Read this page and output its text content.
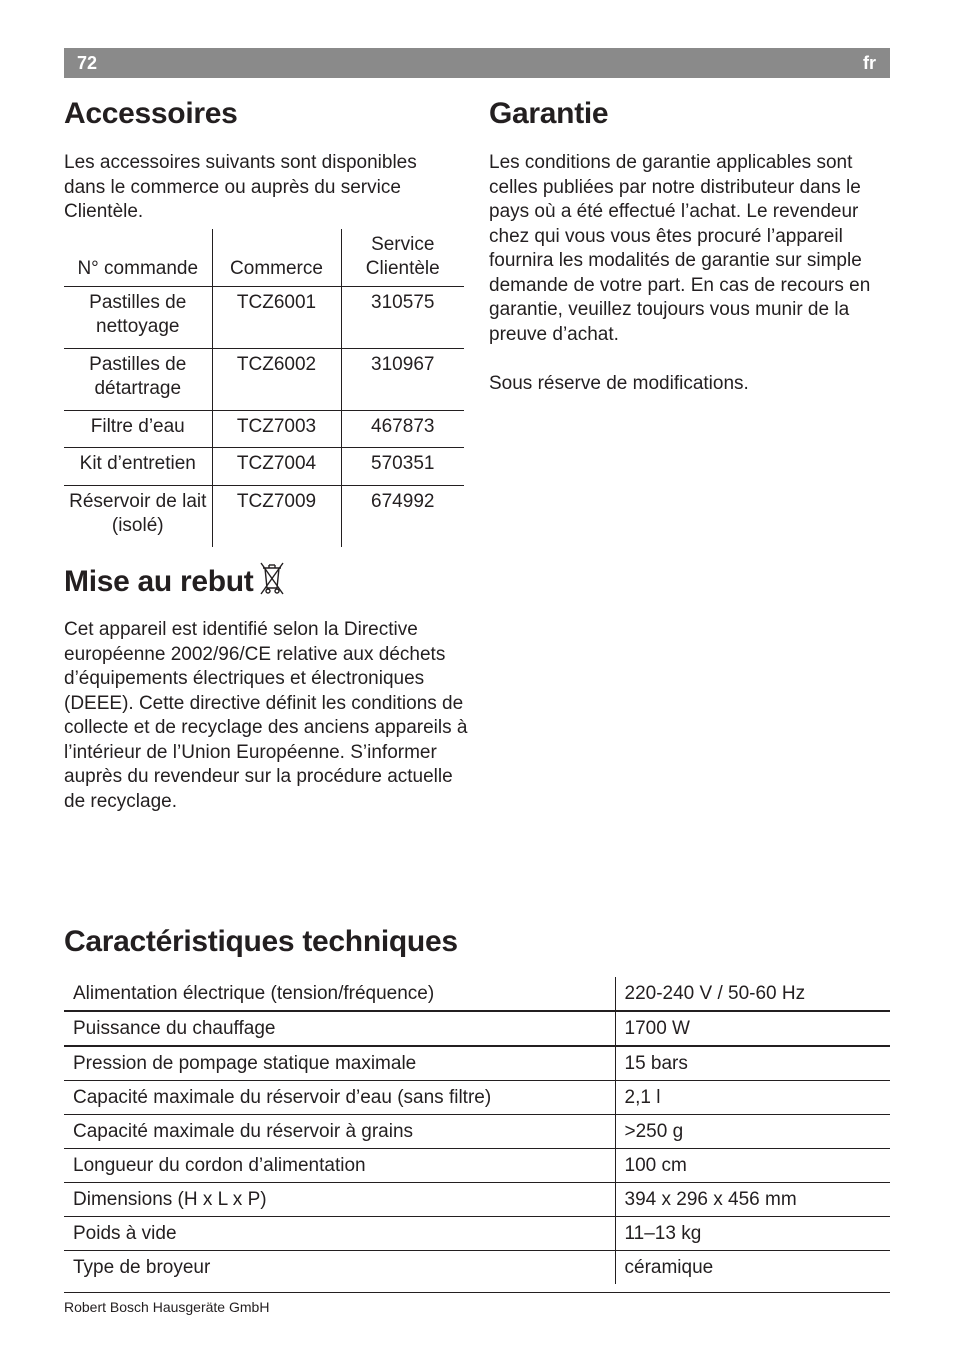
72	fr
Accessoires
Les accessoires suivants sont disponibles dans le commerce ou auprès du service Clientèle.
N° commande	Commerce	Service Clientèle
Pastilles de nettoyage	TCZ6001	310575
Pastilles de détartrage	TCZ6002	310967
Filtre d’eau	TCZ7003	467873
Kit d’entretien	TCZ7004	570351
Réservoir de lait (isolé)	TCZ7009	674992
Mise au rebut
Cet appareil est identifié selon la Directive européenne 2002/96/CE relative aux déchets d’équipements électriques et électroniques (DEEE). Cette directive définit les conditions de collecte et de recyclage des anciens appareils à l’intérieur de l’Union Européenne. S’informer auprès du revendeur sur la procédure actuelle de recyclage.
Garantie

Les conditions de garantie applicables sont celles publiées par notre distributeur dans le pays où a été effectué l’achat. Le revendeur chez qui vous vous êtes procuré l’appareil fournira les modalités de garantie sur simple demande de votre part. En cas de recours en garantie, veuillez toujours vous munir de la preuve d’achat.

Sous réserve de modifications.

Caractéristiques techniques
Alimentation électrique (tension/fréquence)	220-240 V / 50-60 Hz
Puissance du chauffage	1700 W
Pression de pompage statique maximale	15 bars
Capacité maximale du réservoir d’eau (sans filtre)	2,1 l
Capacité maximale du réservoir à grains	>250 g
Longueur du cordon d’alimentation	100 cm
Dimensions (H x L x P)	394 x 296 x 456 mm
Poids à vide	11–13 kg
Type de broyeur	céramique
Robert Bosch Hausgeräte GmbH
